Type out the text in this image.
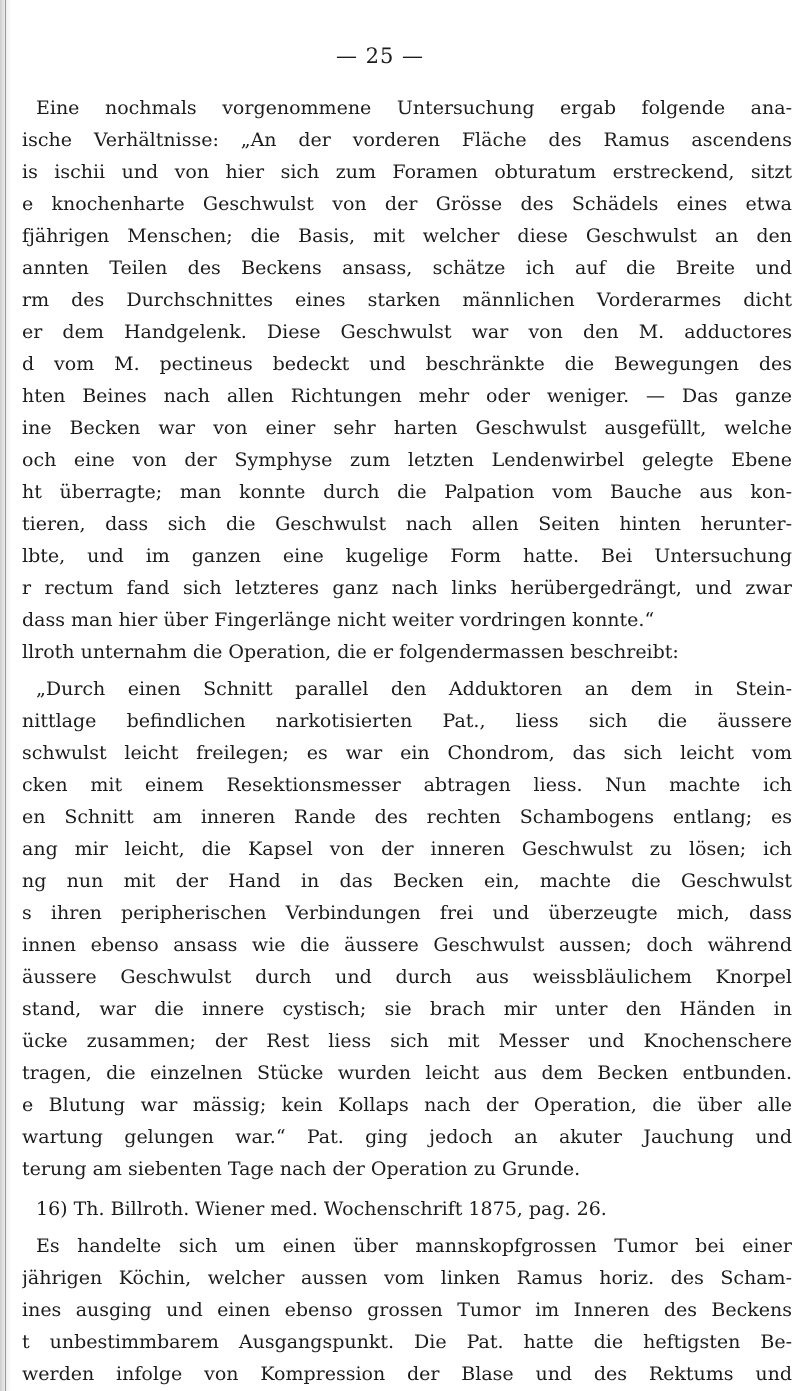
— 25 —
Eine nochmals vorgenommene Untersuchung ergab folgende ana-
ische Verhältnisse: „An der vorderen Fläche des Ramus ascendens
is ischii und von hier sich zum Foramen obturatum erstreckend, sitzt
e knochenharte Geschwulst von der Grösse des Schädels eines etwa
fjährigen Menschen; die Basis, mit welcher diese Geschwulst an den
annten Teilen des Beckens ansass, schätze ich auf die Breite und
rm des Durchschnittes eines starken männlichen Vorderarmes dicht
er dem Handgelenk. Diese Geschwulst war von den M. adductores
d vom M. pectineus bedeckt und beschränkte die Bewegungen des
hten Beines nach allen Richtungen mehr oder weniger. — Das ganze
ine Becken war von einer sehr harten Geschwulst ausgefüllt, welche
och eine von der Symphyse zum letzten Lendenwirbel gelegte Ebene
ht überragte; man konnte durch die Palpation vom Bauche aus kon-
tieren, dass sich die Geschwulst nach allen Seiten hinten herunter-
lbte, und im ganzen eine kugelige Form hatte. Bei Untersuchung
r rectum fand sich letzteres ganz nach links herübergedrängt, und zwar
dass man hier über Fingerlänge nicht weiter vordringen konnte.“
llroth unternahm die Operation, die er folgendermassen beschreibt:
„Durch einen Schnitt parallel den Adduktoren an dem in Stein-
nittlage befindlichen narkotisierten Pat., liess sich die äussere
schwulst leicht freilegen; es war ein Chondrom, das sich leicht vom
cken mit einem Resektionsmesser abtragen liess. Nun machte ich
en Schnitt am inneren Rande des rechten Schambogens entlang; es
ang mir leicht, die Kapsel von der inneren Geschwulst zu lösen; ich
ng nun mit der Hand in das Becken ein, machte die Geschwulst
s ihren peripherischen Verbindungen frei und überzeugte mich, dass
innen ebenso ansass wie die äussere Geschwulst aussen; doch während
äussere Geschwulst durch und durch aus weissbläulichem Knorpel
stand, war die innere cystisch; sie brach mir unter den Händen in
ücke zusammen; der Rest liess sich mit Messer und Knochenschere
tragen, die einzelnen Stücke wurden leicht aus dem Becken entbunden.
e Blutung war mässig; kein Kollaps nach der Operation, die über alle
wartung gelungen war.“ Pat. ging jedoch an akuter Jauchung und
terung am siebenten Tage nach der Operation zu Grunde.
16) Th. Billroth. Wiener med. Wochenschrift 1875, pag. 26.
Es handelte sich um einen über mannskopfgrossen Tumor bei einer
jährigen Köchin, welcher aussen vom linken Ramus horiz. des Scham-
ines ausging und einen ebenso grossen Tumor im Inneren des Beckens
t unbestimmbarem Ausgangspunkt. Die Pat. hatte die heftigsten Be-
werden infolge von Kompression der Blase und des Rektums und
